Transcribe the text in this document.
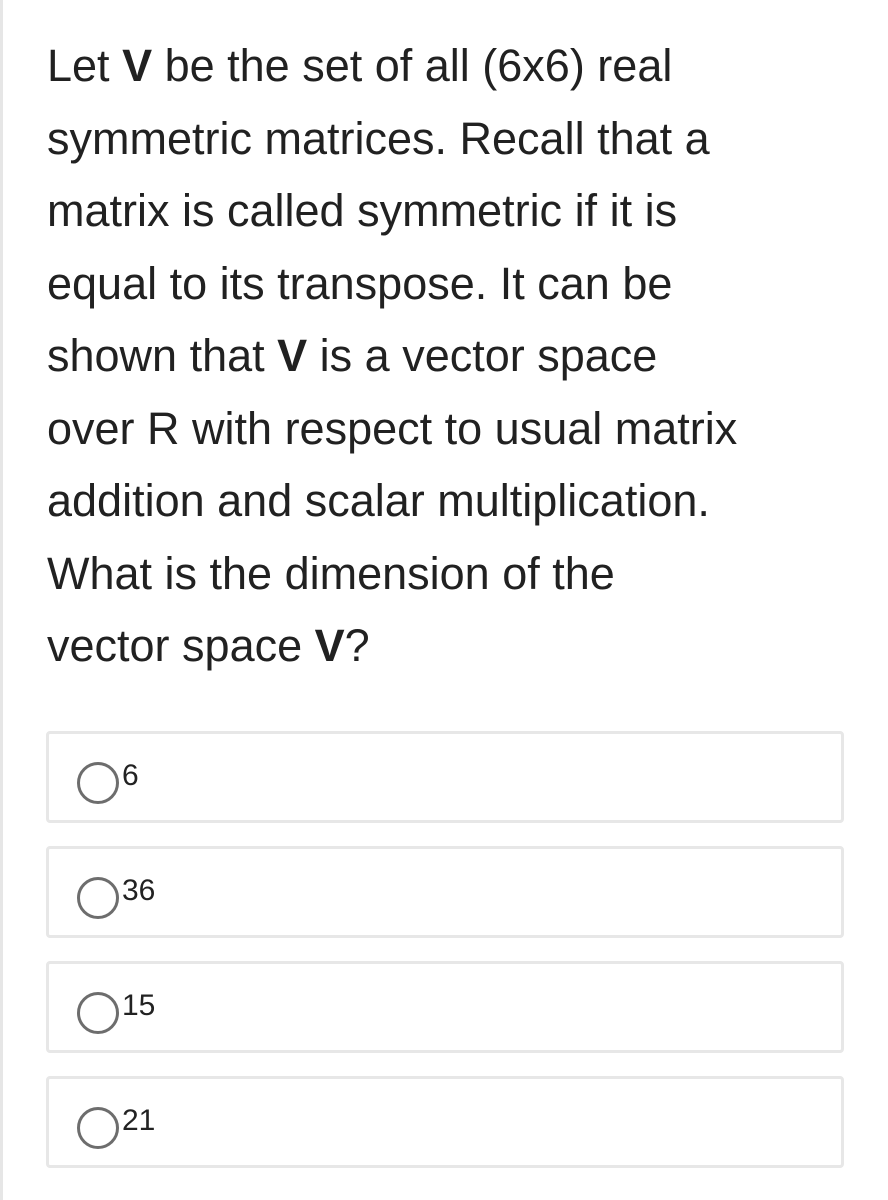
Let V be the set of all (6x6) real
symmetric matrices. Recall that a
matrix is called symmetric if it is
equal to its transpose. It can be
shown that V is a vector space
over R with respect to usual matrix
addition and scalar multiplication.
What is the dimension of the
vector space V?
6
36
15
21
